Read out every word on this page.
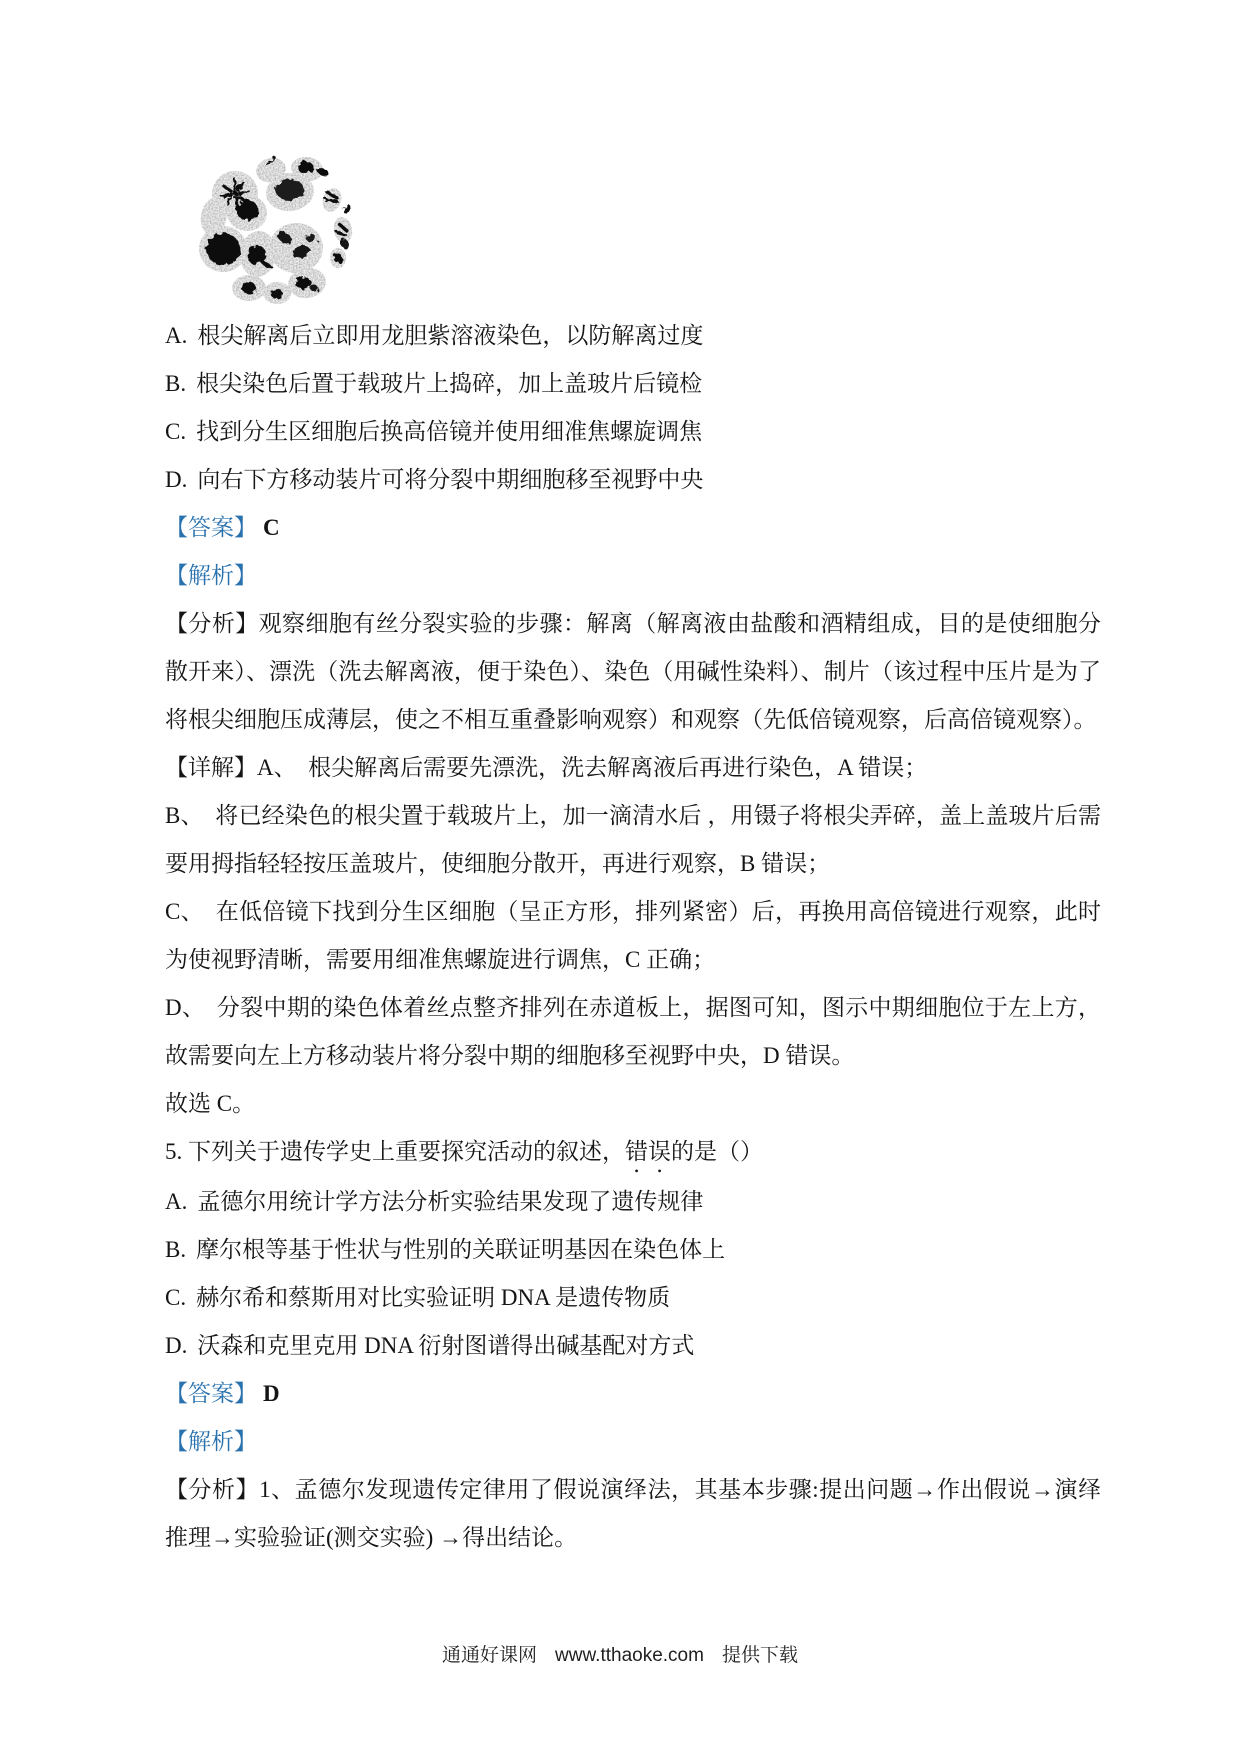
A. 根尖解离后立即用龙胆紫溶液染色，以防解离过度
B. 根尖染色后置于载玻片上捣碎，加上盖玻片后镜检
C. 找到分生区细胞后换高倍镜并使用细准焦螺旋调焦
D. 向右下方移动装片可将分裂中期细胞移至视野中央
【答案】 C
【解析】

【分析】观察细胞有丝分裂实验的步骤：解离（解离液由盐酸和酒精组成，目的是使细胞分散开来）、漂洗（洗去解离液，便于染色）、染色（用碱性染料）、制片（该过程中压片是为了将根尖细胞压成薄层，使之不相互重叠影响观察）和观察（先低倍镜观察，后高倍镜观察）。

【详解】A、　根尖解离后需要先漂洗，洗去解离液后再进行染色，A 错误；

B、　将已经染色的根尖置于载玻片上，加一滴清水后 ，用镊子将根尖弄碎，盖上盖玻片后需要用拇指轻轻按压盖玻片，使细胞分散开，再进行观察，B 错误；

C、　在低倍镜下找到分生区细胞（呈正方形，排列紧密）后，再换用高倍镜进行观察，此时为使视野清晰，需要用细准焦螺旋进行调焦，C 正确；

D、　分裂中期的染色体着丝点整齐排列在赤道板上，据图可知，图示中期细胞位于左上方，故需要向左上方移动装片将分裂中期的细胞移至视野中央，D 错误。

故选 C。

5. 下列关于遗传学史上重要探究活动的叙述，错误的是（）
A. 孟德尔用统计学方法分析实验结果发现了遗传规律
B. 摩尔根等基于性状与性别的关联证明基因在染色体上
C. 赫尔希和蔡斯用对比实验证明 DNA 是遗传物质
D. 沃森和克里克用 DNA 衍射图谱得出碱基配对方式
【答案】 D
【解析】

【分析】1、孟德尔发现遗传定律用了假说演绎法，其基本步骤:提出问题→作出假说→演绎推理→实验验证(测交实验) →得出结论。

通通好课网 www.tthaoke.com 提供下载
